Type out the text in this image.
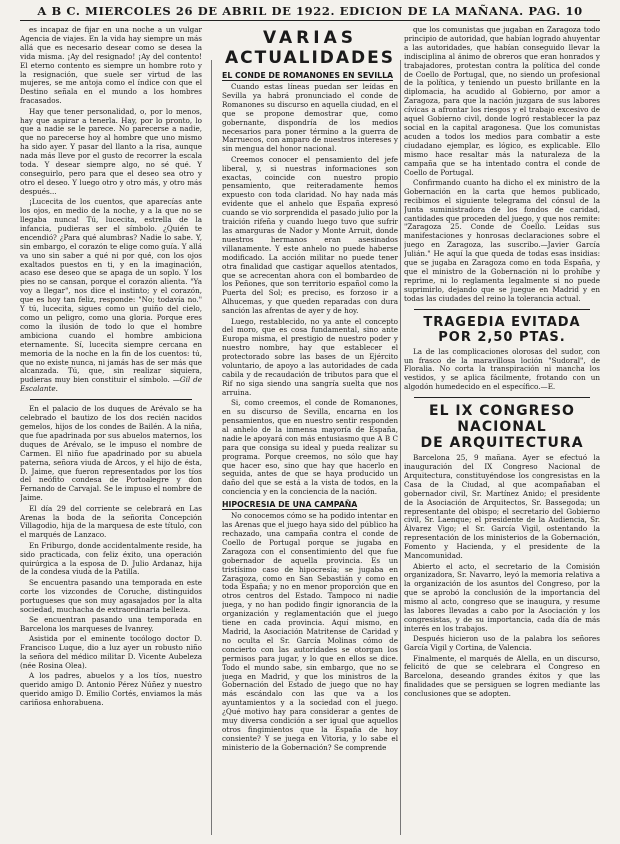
A B C. MIERCOLES 26 DE ABRIL DE 1922. EDICION DE LA MAÑANA. PAG. 10

es incapaz de fijar en una noche a un vulgar Agencia de viajes. En la vida hay siempre un más allá que es necesario desear como se desea la vida misma. ¡Ay del resignado! ¡Ay del contento! El eterno contento es siempre un hombre roto y la resignación, que suele ser virtud de las mujeres, se me antoja como el índice con que el Destino señala en el mundo a los hombres fracasados.

Hay que tener personalidad, o, por lo menos, hay que aspirar a tenerla. Hay, por lo pronto, lo que a nadie se le parece. No parecerse a nadie, que no parecerse hoy al hombre que uno mismo ha sido ayer. Y pasar del llanto a la risa, aunque nada más lleve por el gusto de recorrer la escala toda. Y desear siempre algo, no sé qué. Y conseguirlo, pero para que el deseo sea otro y otro el deseo. Y luego otro y otro más, y otro más después...

¡Lucecita de los cuentos, que aparecías ante los ojos, en medio de la noche, y a la que no se llegaba nunca! Tú, lucecita, estrella de la infancia, pudieras ser el símbolo. ¿Quién te encendió? ¿Para qué alumbras? Nadie lo sabe. Y, sin embargo, el corazón te elige como guía. Y allá va uno sin saber a qué ni por qué, con los ojos exaltados puestos en ti, y en la imaginación, acaso ese deseo que se apaga de un soplo. Y los pies no se cansan, porque el corazón alienta. "Ya voy a llegar", nos dice el instinto; y el corazón, que es hoy tan feliz, responde: "No; todavía no." Y tú, lucecita, sigues como un guiño del cielo, como un peligro, como una gloria. Porque eres como la ilusión de todo lo que el hombre ambiciona cuando el hombre ambiciona eternamente. Sí, lucecita siempre cercana en memoria de la noche en la fin de los cuentos: tú, que no existe nunca, ni jamás has de ser más que alcanzada. Tú, que, sin realizar siquiera, pudieras muy bien constituir el símbolo. —Gil de Escalante.

En el palacio de los duques de Arévalo se ha celebrado el bautizo de los dos recién nacidos gemelos, hijos de los condes de Bailén. A la niña, que fue apadrinada por sus abuelos maternos, los duques de Arévalo, se le impuso el nombre de Carmen. El niño fue apadrinado por su abuela paterna, señora viuda de Arcos, y el hijo de ésta, D. Jaime, que fueron representados por los tíos del neófito condesa de Portoalegre y don Fernando de Carvajal. Se le impuso el nombre de Jaime.

El día 29 del corriente se celebrará en Las Arenas la boda de la señorita Concepción Villagodio, hija de la marquesa de este título, con el marqués de Lanzaco.

En Friburgo, donde accidentalmente reside, ha sido practicada, con feliz éxito, una operación quirúrgica a la esposa de D. Julio Ardanaz, hija de la condesa viuda de la Patilla.

Se encuentra pasando una temporada en este corte los vizcondes de Coruche, distinguidos portugueses que son muy agasajados por la alta sociedad, muchacha de extraordinaria belleza.

Se encuentran pasando una temporada en Barcelona los marqueses de Ivanrey.

Asistida por el eminente tocólogo doctor D. Francisco Luque, dio a luz ayer un robusto niño la señora del médico militar D. Vicente Aubeleza (née Rosina Olea).

A los padres, abuelos y a los tíos, nuestro querido amigo D. Antonio Pérez Núñez y nuestro querido amigo D. Emilio Cortés, enviamos la más cariñosa enhorabuena.

VARIAS
ACTUALIDADES
EL CONDE DE ROMANONES EN SEVILLA

Cuando estas líneas puedan ser leídas en Sevilla ya habrá pronunciado el conde de Romanones su discurso en aquella ciudad, en el que se propone demostrar que, como gobernante, dispondría de los medios necesarios para poner término a la guerra de Marruecos, con amparo de nuestros intereses y sin mengua del honor nacional.

Creemos conocer el pensamiento del jefe liberal, y, si nuestras informaciones son exactas, coincide con nuestro propio pensamiento, que reiteradamente hemos expuesto con toda claridad. No hay nada más evidente que el anhelo que España expresó cuando se vio sorprendida el pasado julio por la traición rifeña y cuando luego tuvo que sufrir las amarguras de Nador y Monte Arruit, donde nuestros hermanos eran asesinados villanamente. Y este anhelo no puede haberse modificado. La acción militar no puede tener otra finalidad que castigar aquellos atentados, que se acrecentan ahora con el bombardeo de los Peñones, que son territorio español como la Puerta del Sol; es preciso, es forzoso ir a Alhucemas, y que queden reparadas con dura sanción las afrentas de ayer y de hoy.

Luego, restablecido, no ya ante el concepto del moro, que es cosa fundamental, sino ante Europa misma, el prestigio de nuestro poder y nuestro nombre, hay que establecer el protectorado sobre las bases de un Ejército voluntario, de apoyo a las autoridades de cada cabila y de recaudación de tributos para que el Rif no siga siendo una sangría sueltа que nos arruina.

Si, como creemos, el conde de Romanones, en su discurso de Sevilla, encarna en los pensamientos, que en nuestro sentir responden al anhelo de la inmensa mayoría de España, nadie le apoyará con más entusiasmo que A B C para que consiga su ideal y pueda realizar su programa. Porque creemos, no sólo que hay que hacer eso, sino que hay que hacerlo en seguida, antes de que se haya producido un daño del que se está a la vista de todos, en la conciencia y en la conciencia de la nación.

HIPOCRESIA DE UNA CAMPAÑA

No conocemos cómo se ha podido intentar en las Arenas que el juego haya sido del público ha rechazado, una campaña contra el conde de Coello de Portugal porque se jugaba en Zaragoza con el consentimiento del que fue gobernador de aquella provincia. Es un tristísimo caso de hipocresía; se jugaba en Zaragoza, como en San Sebastián y como en toda España; y no en menor proporción que en otros centros del Estado. Tampoco ni nadie juega, y no han podido fingir ignorancia de la organización y reglamentación que el juego tiene en cada provincia. Aquí mismo, en Madrid, la Asociación Matritense de Caridad y no oculta el Sr. García Molinas cómo de concierto con las autoridades se otorgan los permisos para jugar, y lo que en ellos se dice. Todo el mundo sabe, sin embargo, que no se juega en Madrid, y que los ministros de la Gobernación del Estado de juego que no hay más escándalo con las que va a los ayuntamientos y a la sociedad con el juego. ¿Qué motivo hay para considerar a gentes de muy diversa condición a ser igual que aquellos otros fingimientos que la España de hoy consiente? Y se juega en Vitoria, y lo sabe el ministerio de la Gobernación? Se comprende

que los comunistas que jugaban en Zaragoza todo principio de autoridad, que habían logrado ahuyentar a las autoridades, que habían conseguido llevar la indisciplina al ánimo de obreros que eran honrados y trabajadores, protestan contra la política del conde de Coello de Portugal, que, no siendo un profesional de la política, y teniendo un puesto brillante en la diplomacia, ha acudido al Gobierno, por amor a Zaragoza, para que la nación juzgara de sus labores cívicas a afrontar los riesgos y el trabajo excesivo de aquel Gobierno civil, donde logró restablecer la paz social en la capital aragonesa. Que los comunistas acuden a todos los medios para combatir a este ciudadano ejemplar, es lógico, es explicable. Ello mismo hace resaltar más la naturaleza de la campaña que se ha intentado contra el conde de Coello de Portugal.

Confirmando cuanto ha dicho el ex ministro de la Gobernación en la carta que hemos publicado, recibimos el siguiente telegrama del cónsul de la Junta suministradora de los fondos de caridad, cantidades que proceden del juego, y que nos remite: "Zaragoza 25. Conde de Coello. Leídas sus manifestaciones y honrosas declaraciones sobre el juego en Zaragoza, las suscribo.—Javier García Julián." He aquí la que queda de todas esas insidias: que se jugaba en Zaragoza como en toda España, y que el ministro de la Gobernación ni lo prohíbe y reprime, ni lo reglamenta legalmente si no puede suprimirlo, dejando que se juegue en Madrid y en todas las ciudades del reino la tolerancia actual.

TRAGEDIA EVITADA
POR 2,50 PTAS.

La de las complicaciones olorosas del sudor, con un frasco de la maravillosa loción "Sudoral", de Floralia. No corta la transpiración ni mancha los vestidos, y se aplica fácilmente, frotando con un algodón humedecido en el específico.—E.

EL IX CONGRESO
NACIONAL
DE ARQUITECTURA

Barcelona 25, 9 mañana. Ayer se efectuó la inauguración del IX Congreso Nacional de Arquitectura, constituyéndose los congresistas en la Casa de la Ciudad, al que acompañaban el gobernador civil, Sr. Martínez Anido; el presidente de la Asociación de Arquitectos, Sr. Bassegoda; un representante del obispo; el secretario del Gobierno civil, Sr. Laenque; el presidente de la Audiencia, Sr. Álvarez Vigo; el Sr. García Vigil, ostentando la representación de los ministerios de la Gobernación, Fomento y Hacienda, y el presidente de la Mancomunidad.

Abierto el acto, el secretario de la Comisión organizadora, Sr. Navarro, leyó la memoria relativa a la organización de los asuntos del Congreso, por la que se aprobó la conclusión de la importancia del mismo al acto, congreso que se inaugura, y resume las labores llevadas a cabo por la Asociación y los congresistas, y de su importancia, cada día de más interés en los trabajos.

Después hicieron uso de la palabra los señores García Vigil y Cortina, de Valencia.

Finalmente, el marqués de Alella, en un discurso, felicitó de que se celebrara el Congreso en Barcelona, deseando grandes éxitos y que las finalidades que se persiguen se logren mediante las conclusiones que se adopten.
